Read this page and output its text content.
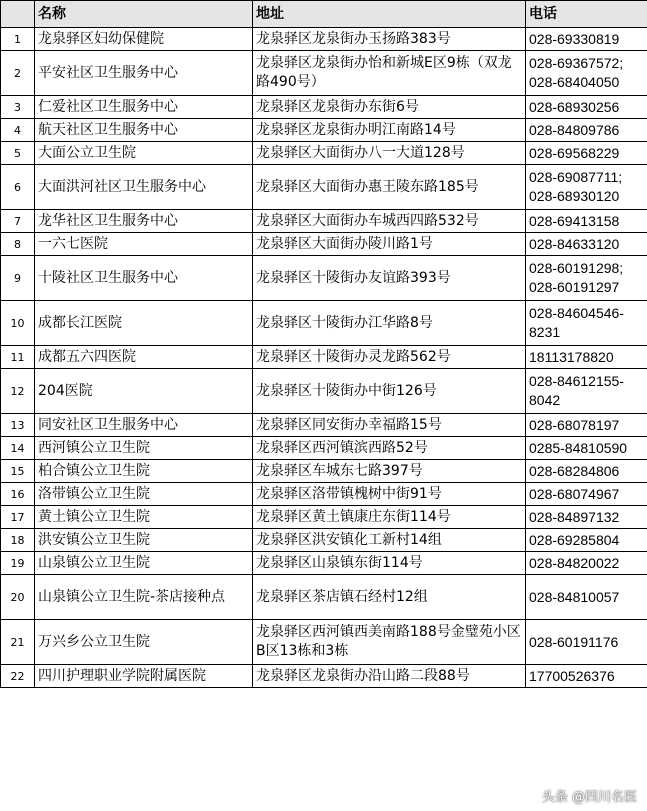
	名称	地址	电话
1	龙泉驿区妇幼保健院	龙泉驿区龙泉街办玉扬路383号	028-69330819
2	平安社区卫生服务中心	龙泉驿区龙泉街办怡和新城E区9栋（双龙路490号）	028-69367572; 028-68404050
3	仁爱社区卫生服务中心	龙泉驿区龙泉街办东街6号	028-68930256
4	航天社区卫生服务中心	龙泉驿区龙泉街办明江南路14号	028-84809786
5	大面公立卫生院	龙泉驿区大面街办八一大道128号	028-69568229
6	大面洪河社区卫生服务中心	龙泉驿区大面街办惠王陵东路185号	028-69087711; 028-68930120
7	龙华社区卫生服务中心	龙泉驿区大面街办车城西四路532号	028-69413158
8	一六七医院	龙泉驿区大面街办陵川路1号	028-84633120
9	十陵社区卫生服务中心	龙泉驿区十陵街办友谊路393号	028-60191298; 028-60191297
10	成都长江医院	龙泉驿区十陵街办江华路8号	028-84604546-8231
11	成都五六四医院	龙泉驿区十陵街办灵龙路562号	18113178820
12	204医院	龙泉驿区十陵街办中街126号	028-84612155-8042
13	同安社区卫生服务中心	龙泉驿区同安街办幸福路15号	028-68078197
14	西河镇公立卫生院	龙泉驿区西河镇滨西路52号	0285-84810590
15	柏合镇公立卫生院	龙泉驿区车城东七路397号	028-68284806
16	洛带镇公立卫生院	龙泉驿区洛带镇槐树中街91号	028-68074967
17	黄土镇公立卫生院	龙泉驿区黄土镇康庄东街114号	028-84897132
18	洪安镇公立卫生院	龙泉驿区洪安镇化工新村14组	028-69285804
19	山泉镇公立卫生院	龙泉驿区山泉镇东街114号	028-84820022
20	山泉镇公立卫生院-茶店接种点	龙泉驿区茶店镇石经村12组	028-84810057
21	万兴乡公立卫生院	龙泉驿区西河镇西美南路188号金璧苑小区B区13栋和3栋	028-60191176
22	四川护理职业学院附属医院	龙泉驿区龙泉街办沿山路二段88号	17700526376
头条 @四川名医
